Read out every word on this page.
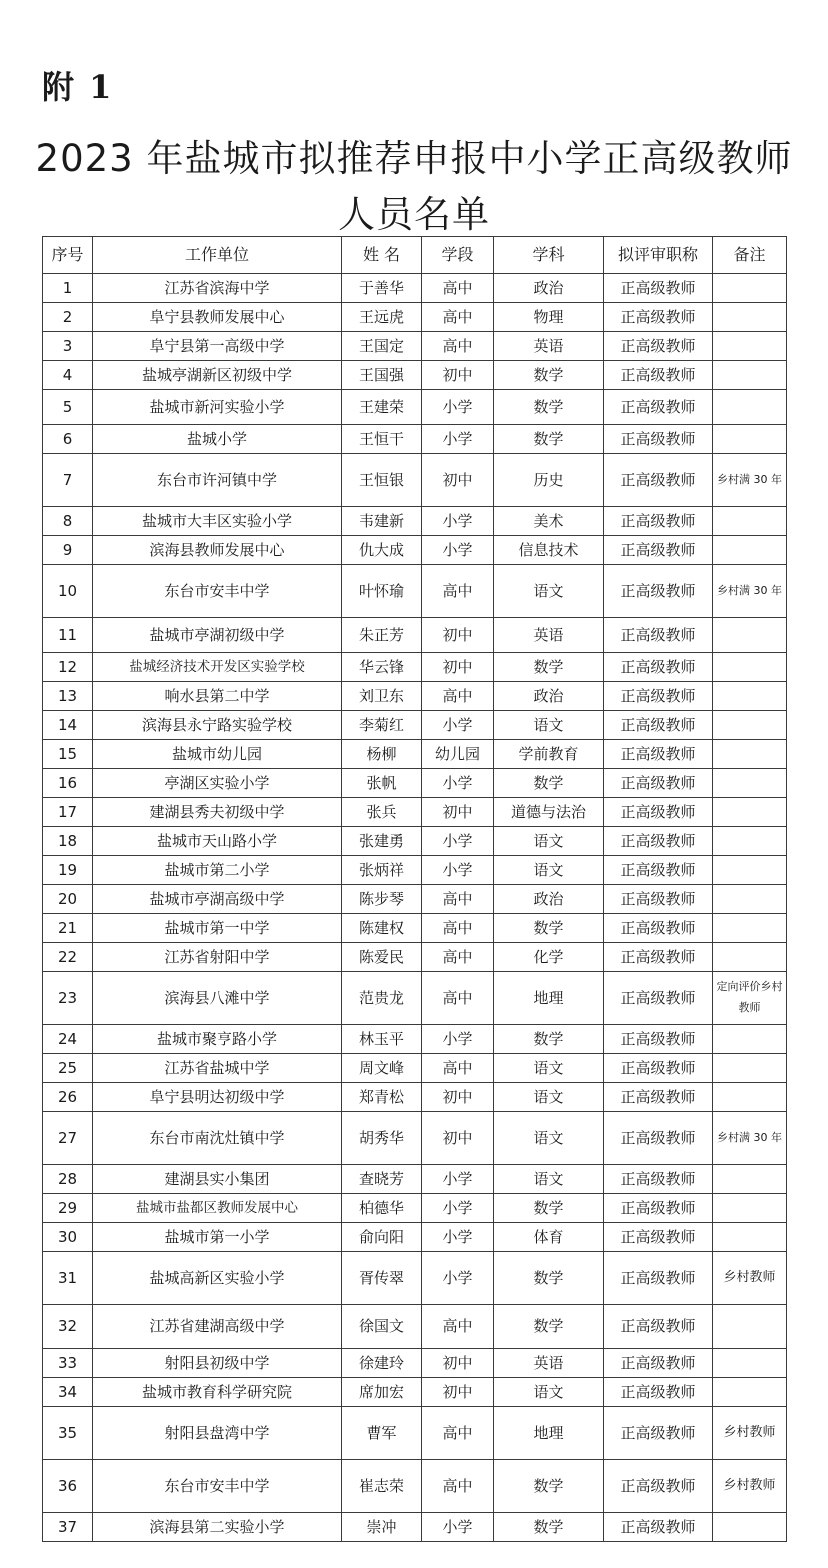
附 1
2023 年盐城市拟推荐申报中小学正高级教师
人员名单
序号	工作单位	姓 名	学段	学科	拟评审职称	备注
1	江苏省滨海中学	于善华	高中	政治	正高级教师	
2	阜宁县教师发展中心	王远虎	高中	物理	正高级教师	
3	阜宁县第一高级中学	王国定	高中	英语	正高级教师	
4	盐城亭湖新区初级中学	王国强	初中	数学	正高级教师	
5	盐城市新河实验小学	王建荣	小学	数学	正高级教师	
6	盐城小学	王恒干	小学	数学	正高级教师	
7	东台市许河镇中学	王恒银	初中	历史	正高级教师	乡村满 30 年
8	盐城市大丰区实验小学	韦建新	小学	美术	正高级教师	
9	滨海县教师发展中心	仇大成	小学	信息技术	正高级教师	
10	东台市安丰中学	叶怀瑜	高中	语文	正高级教师	乡村满 30 年
11	盐城市亭湖初级中学	朱正芳	初中	英语	正高级教师	
12	盐城经济技术开发区实验学校	华云锋	初中	数学	正高级教师	
13	响水县第二中学	刘卫东	高中	政治	正高级教师	
14	滨海县永宁路实验学校	李菊红	小学	语文	正高级教师	
15	盐城市幼儿园	杨柳	幼儿园	学前教育	正高级教师	
16	亭湖区实验小学	张帆	小学	数学	正高级教师	
17	建湖县秀夫初级中学	张兵	初中	道德与法治	正高级教师	
18	盐城市天山路小学	张建勇	小学	语文	正高级教师	
19	盐城市第二小学	张炳祥	小学	语文	正高级教师	
20	盐城市亭湖高级中学	陈步琴	高中	政治	正高级教师	
21	盐城市第一中学	陈建权	高中	数学	正高级教师	
22	江苏省射阳中学	陈爱民	高中	化学	正高级教师	
23	滨海县八滩中学	范贵龙	高中	地理	正高级教师	定向评价乡村教师
24	盐城市聚亨路小学	林玉平	小学	数学	正高级教师	
25	江苏省盐城中学	周文峰	高中	语文	正高级教师	
26	阜宁县明达初级中学	郑青松	初中	语文	正高级教师	
27	东台市南沈灶镇中学	胡秀华	初中	语文	正高级教师	乡村满 30 年
28	建湖县实小集团	查晓芳	小学	语文	正高级教师	
29	盐城市盐都区教师发展中心	柏德华	小学	数学	正高级教师	
30	盐城市第一小学	俞向阳	小学	体育	正高级教师	
31	盐城高新区实验小学	胥传翠	小学	数学	正高级教师	乡村教师
32	江苏省建湖高级中学	徐国文	高中	数学	正高级教师	
33	射阳县初级中学	徐建玲	初中	英语	正高级教师	
34	盐城市教育科学研究院	席加宏	初中	语文	正高级教师	
35	射阳县盘湾中学	曹军	高中	地理	正高级教师	乡村教师
36	东台市安丰中学	崔志荣	高中	数学	正高级教师	乡村教师
37	滨海县第二实验小学	崇冲	小学	数学	正高级教师	
